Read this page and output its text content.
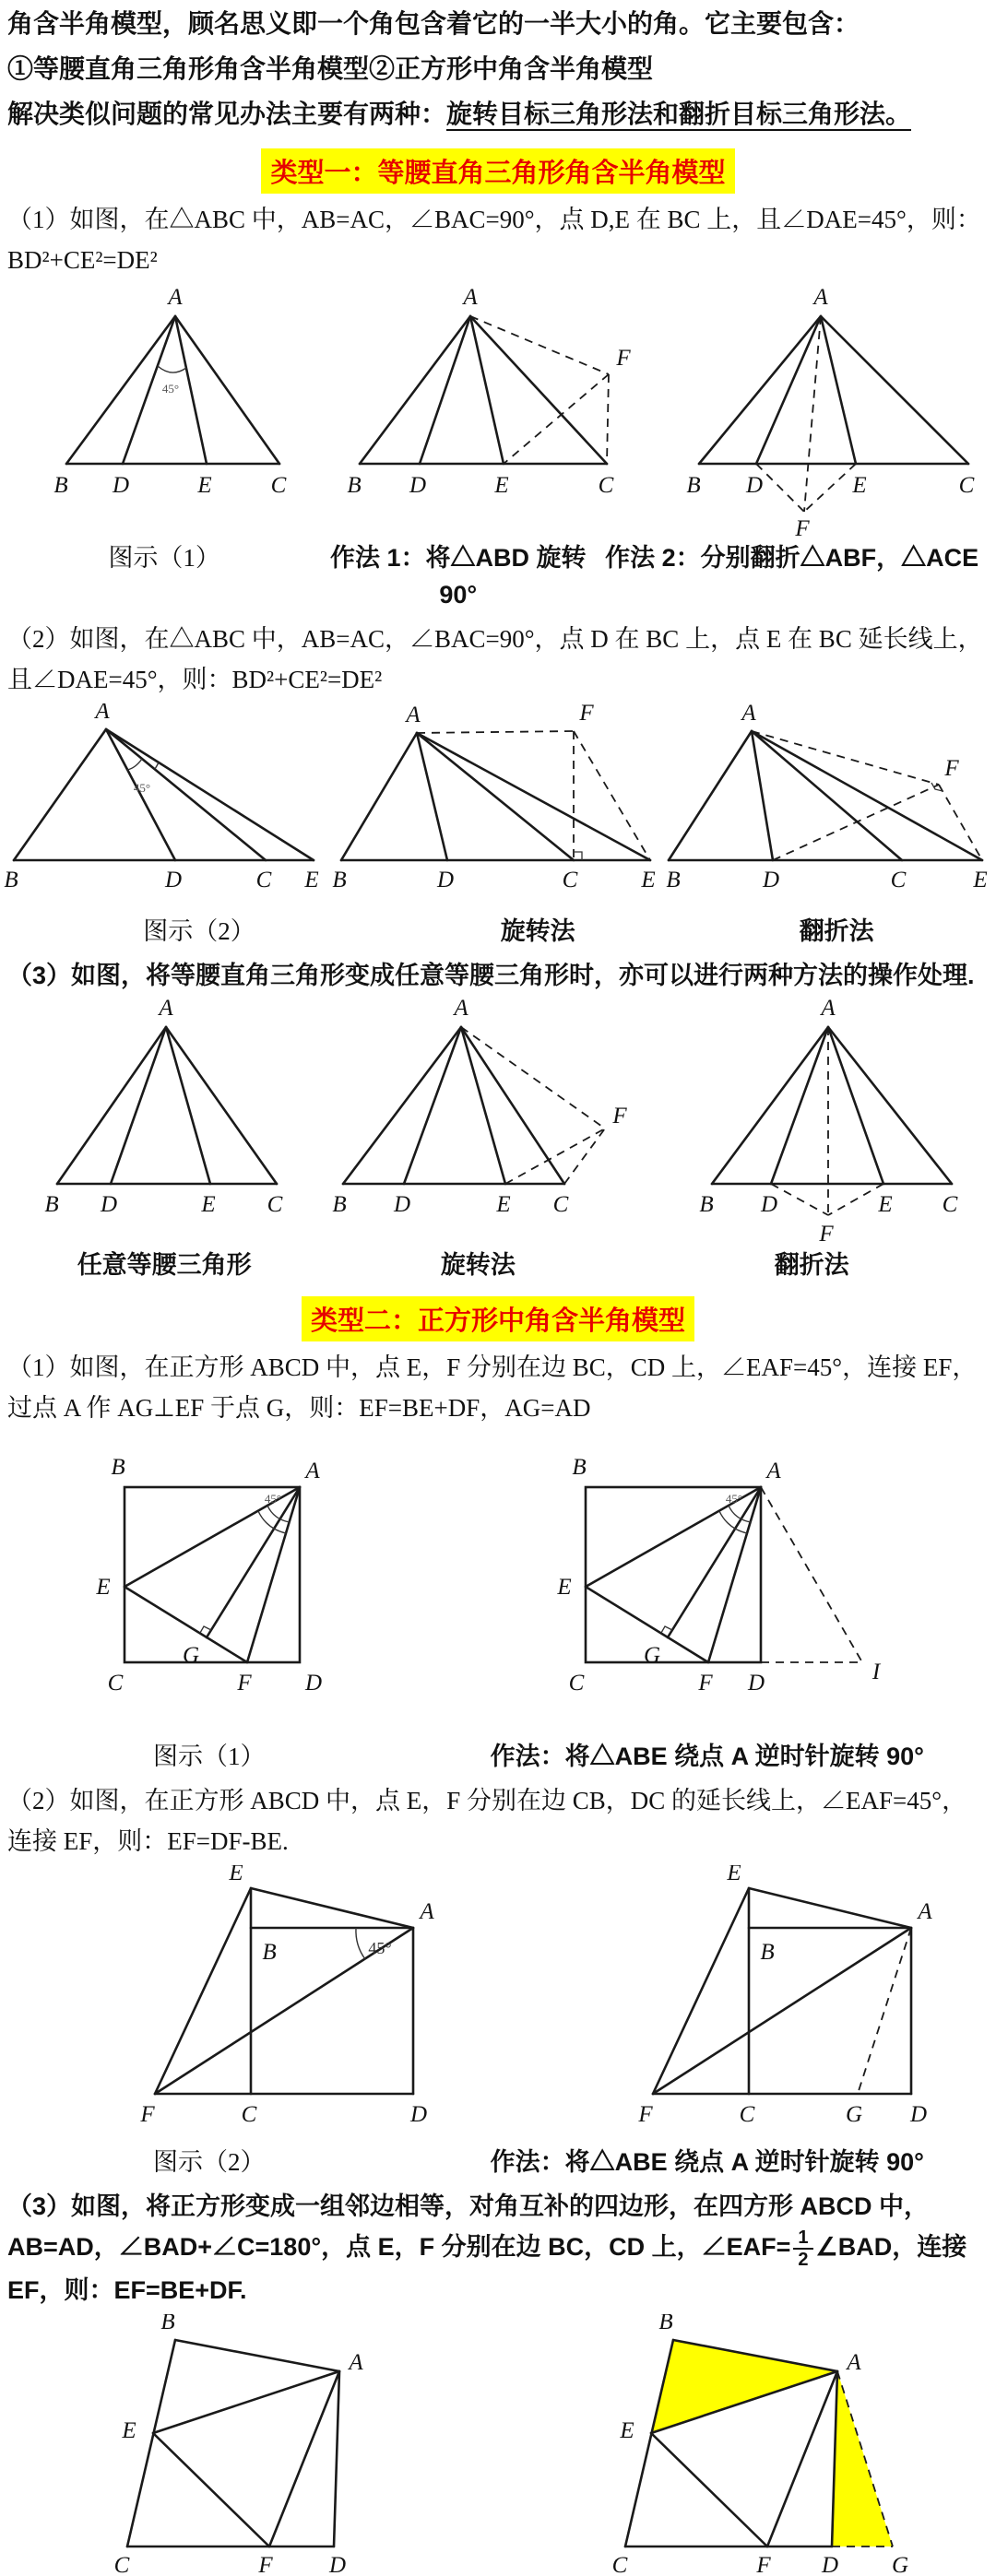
角含半角模型，顾名思义即一个角包含着它的一半大小的角。它主要包含：

①等腰直角三角形角含半角模型②正方形中角含半角模型

解决类似问题的常见办法主要有两种：旋转目标三角形法和翻折目标三角形法。

类型一：等腰直角三角形角含半角模型

（1）如图，在△ABC 中，AB=AC，∠BAC=90°，点 D,E 在 BC 上，且∠DAE=45°，则：BD²+CE²=DE²

45°
A
B D	E	C
A
B D	E	C
F
A
B D	E	C
F
图示（1）	作法 1：将△ABD 旋转 90°
作法 2：分别翻折△ABF，△ACE

（2）如图，在△ABC 中，AB=AC，∠BAC=90°，点 D 在 BC 上，点 E 在 BC 延长线上，且∠DAE=45°，则：BD²+CE²=DE²

45°
A
B	D	C E
A	F
B	D	C	E
A
F
B	D	C	E
图示（2）	旋转法	翻折法

（3）如图，将等腰直角三角形变成任意等腰三角形时，亦可以进行两种方法的操作处理.

A
B D	E C
A
B D	E C
F
A
B D	E C
F
任意等腰三角形	旋转法	翻折法
类型二：正方形中角含半角模型

（1）如图，在正方形 ABCD 中，点 E，F 分别在边 BC，CD 上，∠EAF=45°，连接 EF，过点 A 作 AG⊥EF 于点 G，则：EF=BE+DF，AG=AD

45°
B	A
E
C	F D
G
45°
B	A
E
C	F D
G
I
图示（1）	作法：将△ABE 绕点 A 逆时针旋转 90°

（2）如图，在正方形 ABCD 中，点 E，F 分别在边 CB，DC 的延长线上，∠EAF=45°，连接 EF，则：EF=DF-BE.

45°
E
A
B
F	C	D
E
A
B
F	C	G D
图示（2）	作法：将△ABE 绕点 A 逆时针旋转 90°

（3）如图，将正方形变成一组邻边相等，对角互补的四边形，在四方形 ABCD 中，AB=AD，∠BAD+∠C=180°，点 E，F 分别在边 BC，CD 上，∠EAF= $\frac{1}{2}$ ∠BAD，连接 EF，则：EF=BE+DF.

B
A
E
C	F D
B
A
E
C	F D G
